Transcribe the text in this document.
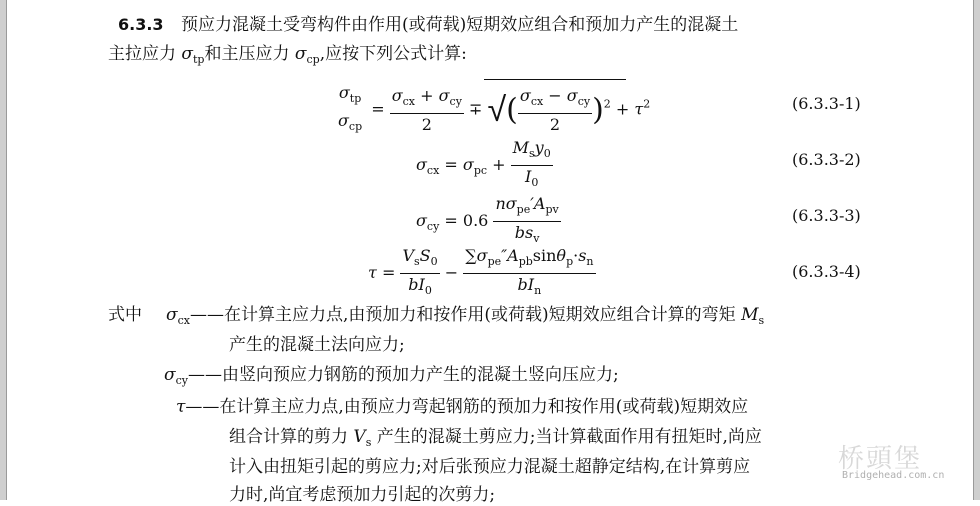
6.3.3 预应力混凝土受弯构件由作用(或荷载)短期效应组合和预加力产生的混凝土
主拉应力 $\sigma_{tp}$和主压应力 $\sigma_{cp}$,应按下列公式计算:
$\sigma_{tp}$
$\sigma_{cp}$
= $\frac{\sigma_{cx} + \sigma_{cy}}{2}$ ∓ √( $\frac{\sigma_{cx} - \sigma_{cy}}{2} )^2 + \tau^2$	(6.3.3-1)
$\sigma_{cx} = \sigma_{pc} + \frac{M_sy_0}{I_0}$	(6.3.3-2)
$\sigma_{cy} = 0.6 \frac{n\sigma_{pe}'A_{pv}}{bs_v}$	(6.3.3-3)
$\tau = \frac{V_sS_0}{bI_0} - \frac{\sum\sigma_{pe}''A_{pb}\sin\theta_p\cdot s_n}{bI_n}$	(6.3.3-4)
式中 $\sigma_{cx}——$在计算主应力点,由预加力和按作用(或荷载)短期效应组合计算的弯矩 $M_s$
产生的混凝土法向应力;
$\sigma_{cy}——$由竖向预应力钢筋的预加力产生的混凝土竖向压应力;
τ——在计算主应力点,由预应力弯起钢筋的预加力和按作用(或荷载)短期效应
组合计算的剪力 $V_s$ 产生的混凝土剪应力;当计算截面作用有扭矩时,尚应
计入由扭矩引起的剪应力;对后张预应力混凝土超静定结构,在计算剪应
力时,尚宜考虑预加力引起的次剪力;
桥頭堡
Bridgehead.com.cn
